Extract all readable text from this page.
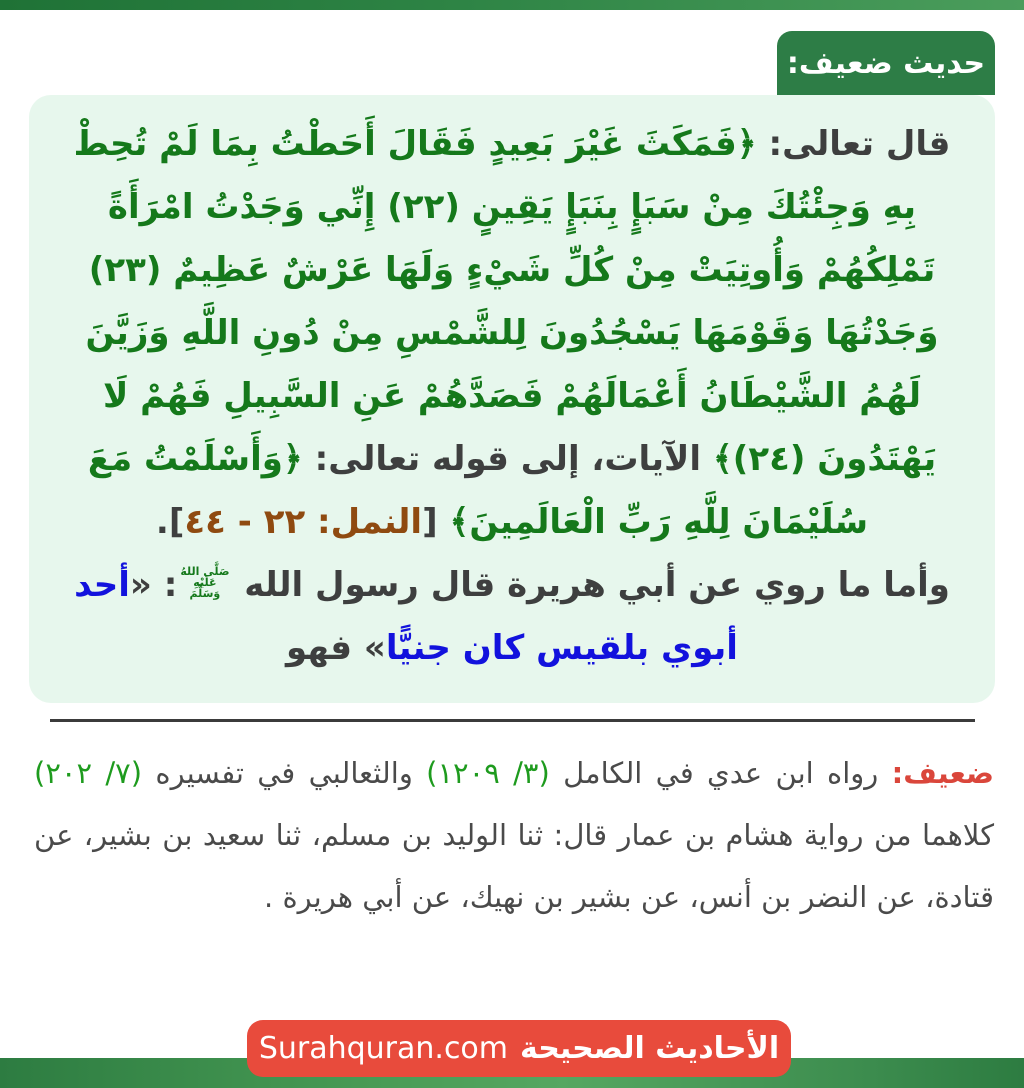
حديث ضعيف:
قال تعالى: ﴿فَمَكَثَ غَيْرَ بَعِيدٍ فَقَالَ أَحَطْتُ بِمَا لَمْ تُحِطْ بِهِ وَجِئْتُكَ مِنْ سَبَإٍ بِنَبَإٍ يَقِينٍ (٢٢) إِنِّي وَجَدْتُ امْرَأَةً تَمْلِكُهُمْ وَأُوتِيَتْ مِنْ كُلِّ شَيْءٍ وَلَهَا عَرْشٌ عَظِيمٌ (٢٣) وَجَدْتُهَا وَقَوْمَهَا يَسْجُدُونَ لِلشَّمْسِ مِنْ دُونِ اللَّهِ وَزَيَّنَ لَهُمُ الشَّيْطَانُ أَعْمَالَهُمْ فَصَدَّهُمْ عَنِ السَّبِيلِ فَهُمْ لَا يَهْتَدُونَ (٢٤)﴾ الآيات، إلى قوله تعالى: ﴿وَأَسْلَمْتُ مَعَ سُلَيْمَانَ لِلَّهِ رَبِّ الْعَالَمِينَ﴾ [النمل: ٢٢ - ٤٤].
وأما ما روي عن أبي هريرة قال رسول الله
صَلَّى اللهُ
عَلَيْهِ
وَسَلَّمَ
: «أحد أبوي بلقيس كان جنيًّا» فهو
ضعيف: رواه ابن عدي في الكامل (٣/ ١٢٠٩) والثعالبي في تفسيره (٧/ ٢٠٢) كلاهما من رواية هشام بن عمار قال: ثنا الوليد بن مسلم، ثنا سعيد بن بشير، عن قتادة، عن النضر بن أنس، عن بشير بن نهيك، عن أبي هريرة .
الأحاديث الصحيحة
Surahquran.com
